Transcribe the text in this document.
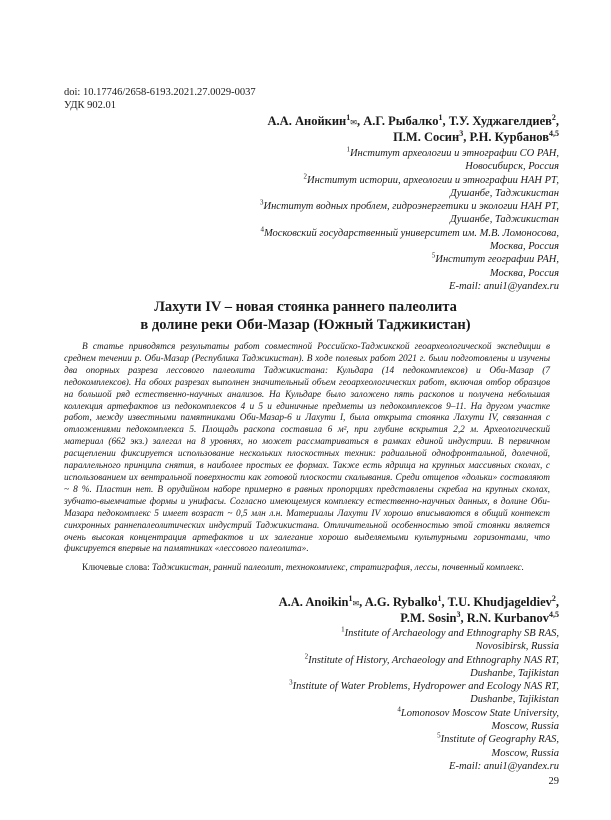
doi: 10.17746/2658-6193.2021.27.0029-0037
УДК 902.01
А.А. Анойкин$^1$✉, А.Г. Рыбалко$^1$, Т.У. Худжагелдиев$^2$,
П.М. Сосин$^3$, Р.Н. Курбанов$^{4,5}$
$^1$Институт археологии и этнографии СО РАН,
Новосибирск, Россия
$^2$Институт истории, археологии и этнографии НАН РТ,
Душанбе, Таджикистан
$^3$Институт водных проблем, гидроэнергетики и экологии НАН РТ,
Душанбе, Таджикистан
$^4$Московский государственный университет им. М.В. Ломоносова,
Москва, Россия
$^5$Институт географии РАН,
Москва, Россия
E-mail: anui1@yandex.ru
Лахути IV – новая стоянка раннего палеолита
в долине реки Оби-Мазар (Южный Таджикистан)

В статье приводятся результаты работ совместной Российско-Таджикской геоархеологической экспедиции в среднем течении р. Оби-Мазар (Республика Таджикистан). В ходе полевых работ 2021 г. были подготовлены и изучены два опорных разреза лессового палеолита Таджикистана: Кульдара (14 педокомплексов) и Оби-Мазар (7 педокомплексов). На обоих разрезах выполнен значительный объем геоархеологических работ, включая отбор образцов на большой ряд естественно-научных анализов. На Кульдаре было заложено пять раскопов и получена небольшая коллекция артефактов из педокомплексов 4 и 5 и единичные предметы из педокомплексов 9–11. На другом участке работ, между известными памятниками Оби-Мазар-6 и Лахути I, была открыта стоянка Лахути IV, связанная с отложениями педокомплекса 5. Площадь раскопа составила 6 м², при глубине вскрытия 2,2 м. Археологический материал (662 экз.) залегал на 8 уровнях, но может рассматриваться в рамках единой индустрии. В первичном расщеплении фиксируется использование нескольких плоскостных техник: радиальной однофронтальной, долечной, параллельного принципа снятия, в наиболее простых ее формах. Также есть ядрища на крупных массивных сколах, с использованием их вентральной поверхности как готовой плоскости скалывания. Среди отщепов «дольки» составляют ~ 8 %. Пластин нет. В орудийном наборе примерно в равных пропорциях представлены скребла на крупных сколах, зубчато-выемчатые формы и унифасы. Согласно имеющемуся комплексу естественно-научных данных, в долине Оби-Мазара педокомплекс 5 имеет возраст ~ 0,5 млн л.н. Материалы Лахути IV хорошо вписываются в общий контекст синхронных раннепалеолитических индустрий Таджикистана. Отличительной особенностью этой стоянки является очень высокая концентрация артефактов и их залегание хорошо выделяемыми культурными горизонтами, что фиксируется впервые на памятниках «лессового палеолита».

Ключевые слова: Таджикистан, ранний палеолит, технокомплекс, стратиграфия, лессы, почвенный комплекс.
A.A. Anoikin$^1$✉, A.G. Rybalko$^1$, T.U. Khudjageldiev$^2$,
P.M. Sosin$^3$, R.N. Kurbanov$^{4,5}$
$^1$Institute of Archaeology and Ethnography SB RAS,
Novosibirsk, Russia
$^2$Institute of History, Archaeology and Ethnography NAS RT,
Dushanbe, Tajikistan
$^3$Institute of Water Problems, Hydropower and Ecology NAS RT,
Dushanbe, Tajikistan
$^4$Lomonosov Moscow State University,
Moscow, Russia
$^5$Institute of Geography RAS,
Moscow, Russia
E-mail: anui1@yandex.ru
29
